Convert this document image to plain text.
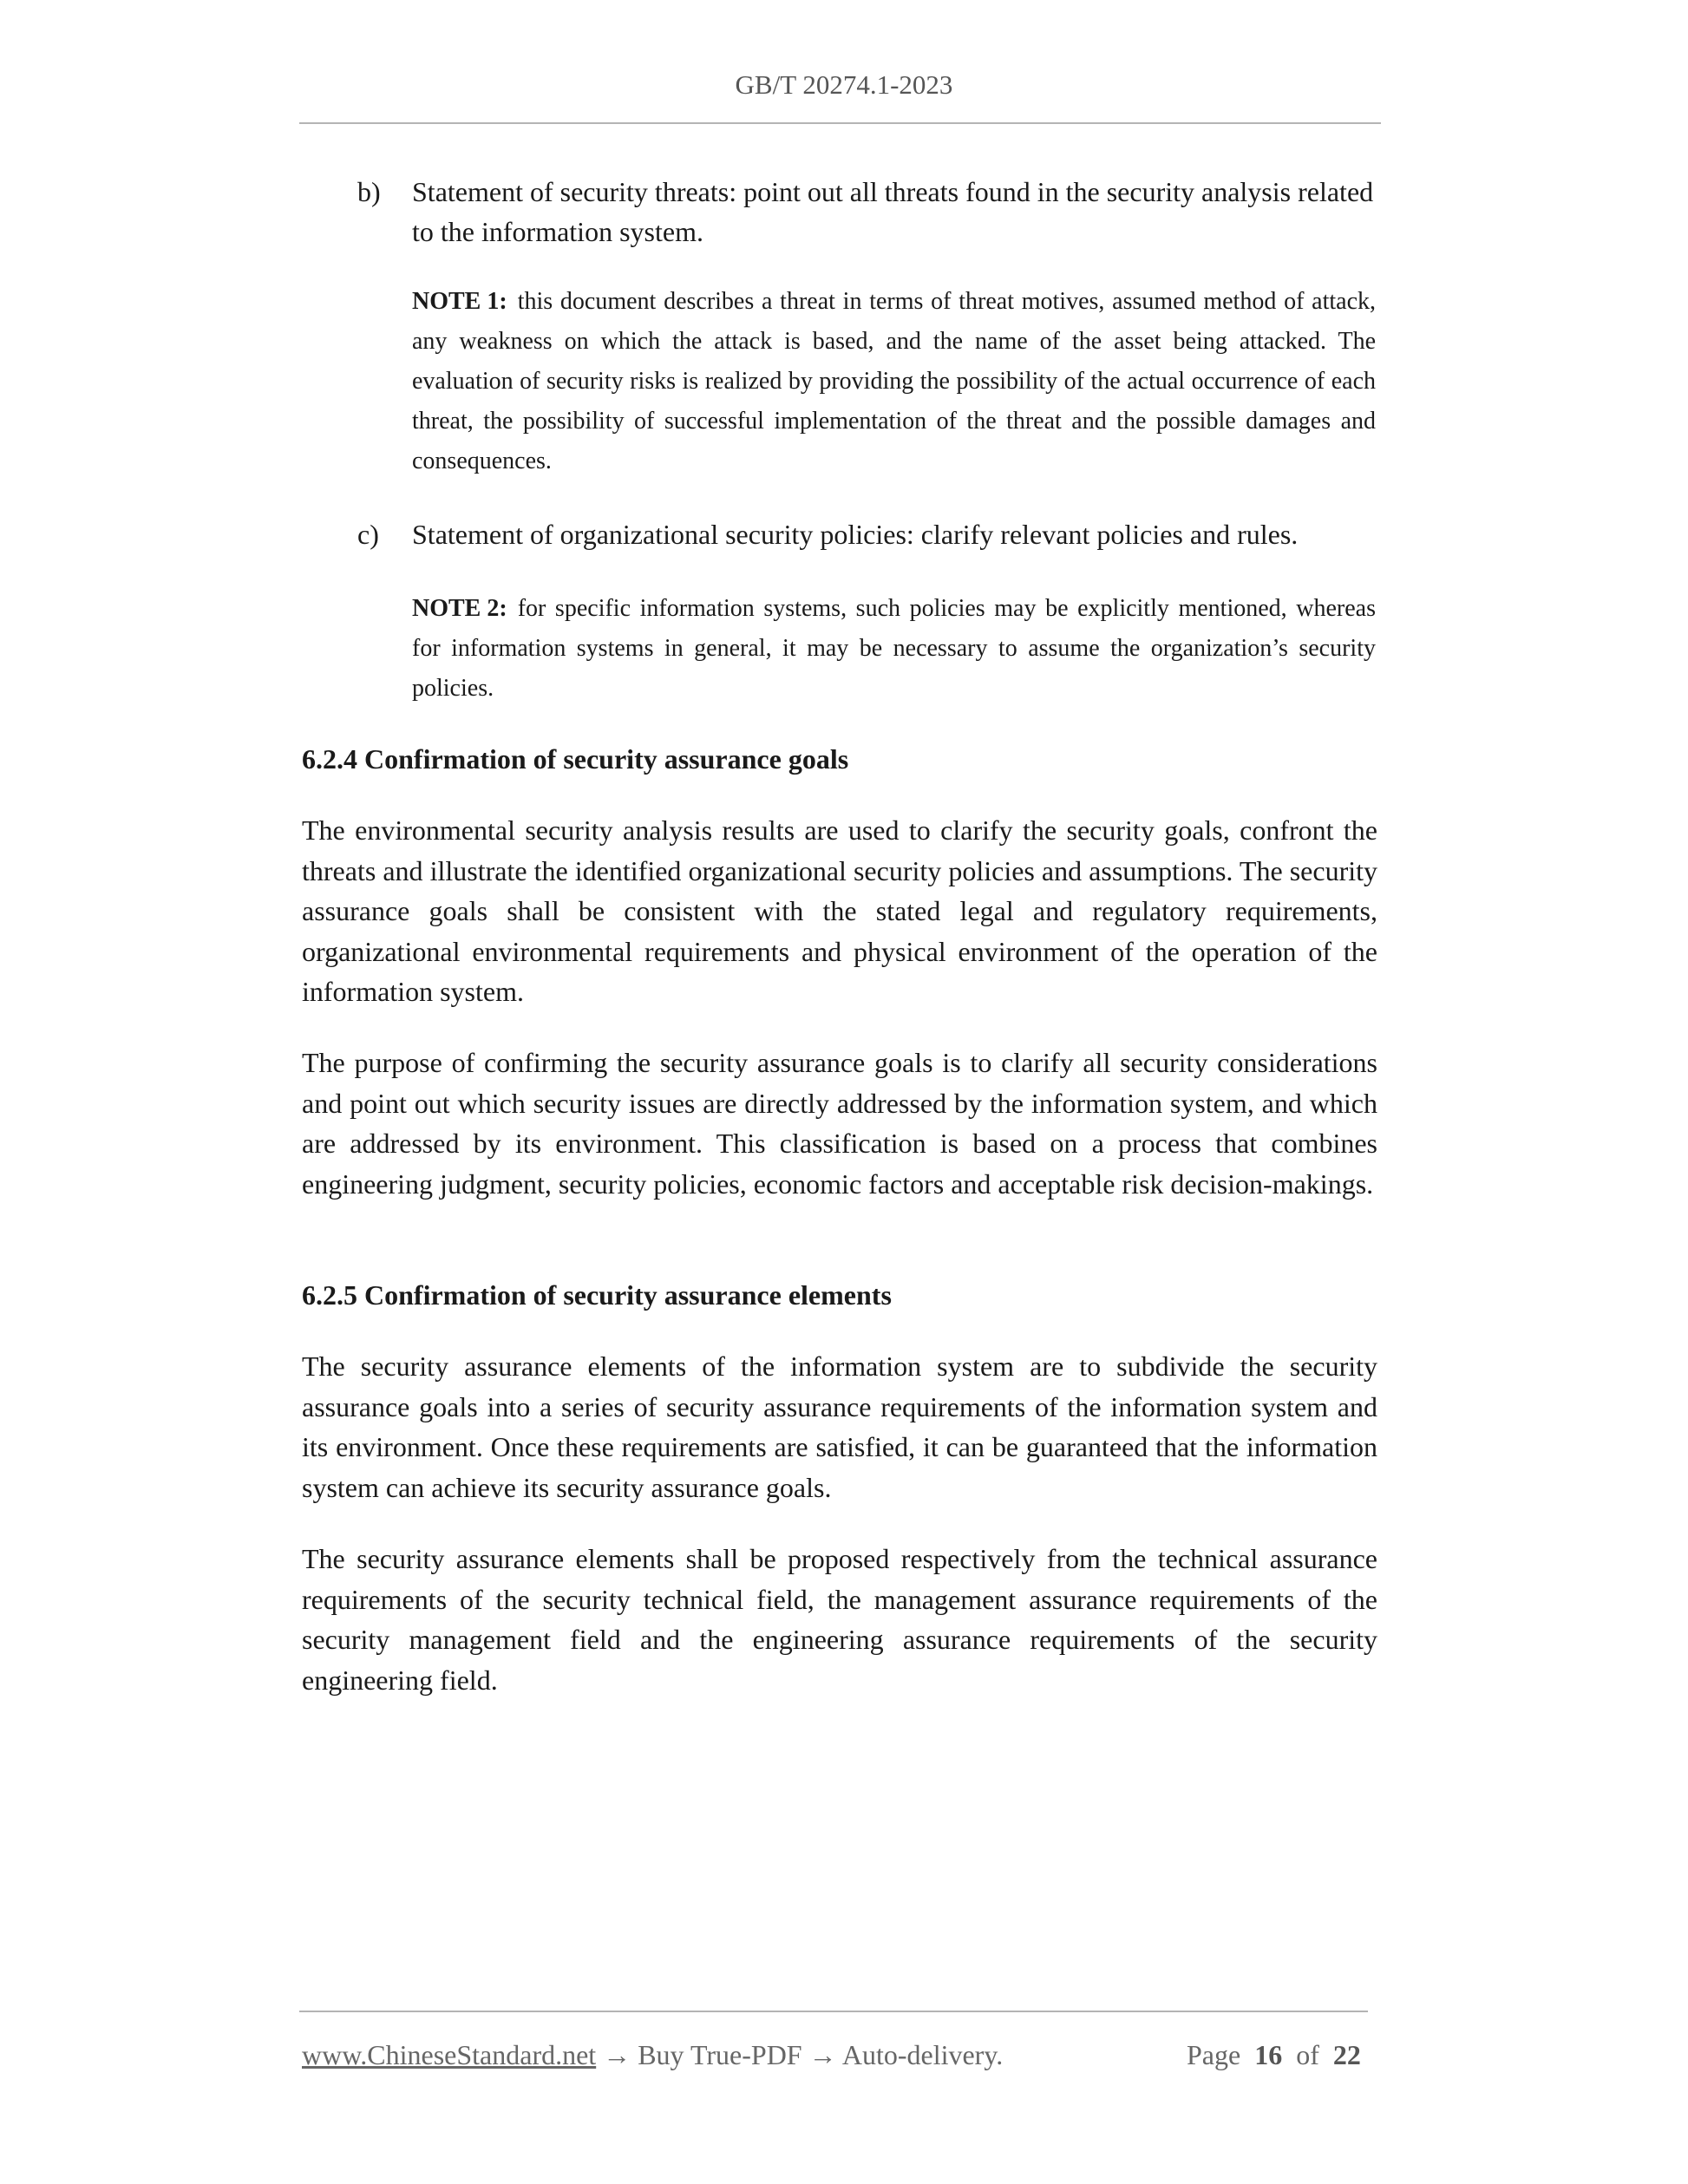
GB/T 20274.1-2023
b) Statement of security threats: point out all threats found in the security analysis related to the information system.
NOTE 1: this document describes a threat in terms of threat motives, assumed method of attack, any weakness on which the attack is based, and the name of the asset being attacked. The evaluation of security risks is realized by providing the possibility of the actual occurrence of each threat, the possibility of successful implementation of the threat and the possible damages and consequences.
c) Statement of organizational security policies: clarify relevant policies and rules.
NOTE 2: for specific information systems, such policies may be explicitly mentioned, whereas for information systems in general, it may be necessary to assume the organization’s security policies.
6.2.4 Confirmation of security assurance goals

The environmental security analysis results are used to clarify the security goals, confront the threats and illustrate the identified organizational security policies and assumptions. The security assurance goals shall be consistent with the stated legal and regulatory requirements, organizational environmental requirements and physical environment of the operation of the information system.

The purpose of confirming the security assurance goals is to clarify all security considerations and point out which security issues are directly addressed by the information system, and which are addressed by its environment. This classification is based on a process that combines engineering judgment, security policies, economic factors and acceptable risk decision-makings.

6.2.5 Confirmation of security assurance elements

The security assurance elements of the information system are to subdivide the security assurance goals into a series of security assurance requirements of the information system and its environment. Once these requirements are satisfied, it can be guaranteed that the information system can achieve its security assurance goals.

The security assurance elements shall be proposed respectively from the technical assurance requirements of the security technical field, the management assurance requirements of the security management field and the engineering assurance requirements of the security engineering field.

www.ChineseStandard.net → Buy True-PDF → Auto-delivery.	Page 16 of 22
